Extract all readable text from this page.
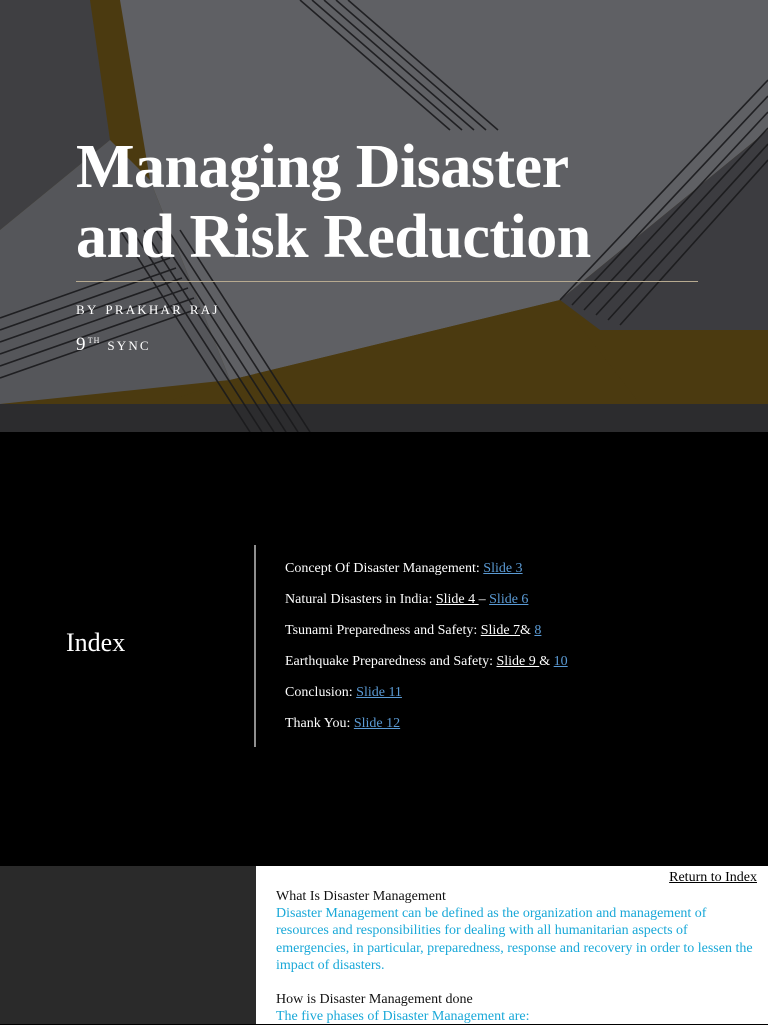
Managing Disaster
and Risk Reduction
by prakhar raj
9th sync
Index
Concept Of Disaster Management: Slide 3
Natural Disasters in India: Slide 4 – Slide 6
Tsunami Preparedness and Safety: Slide 7& 8
Earthquake Preparedness and Safety: Slide 9 & 10
Conclusion: Slide 11
Thank You: Slide 12
Return to Index
What Is Disaster Management

Disaster Management can be defined as the organization and management of resources and responsibilities for dealing with all humanitarian aspects of emergencies, in particular, preparedness, response and recovery in order to lessen the impact of disasters.

How is Disaster Management done
The five phases of Disaster Management are:
